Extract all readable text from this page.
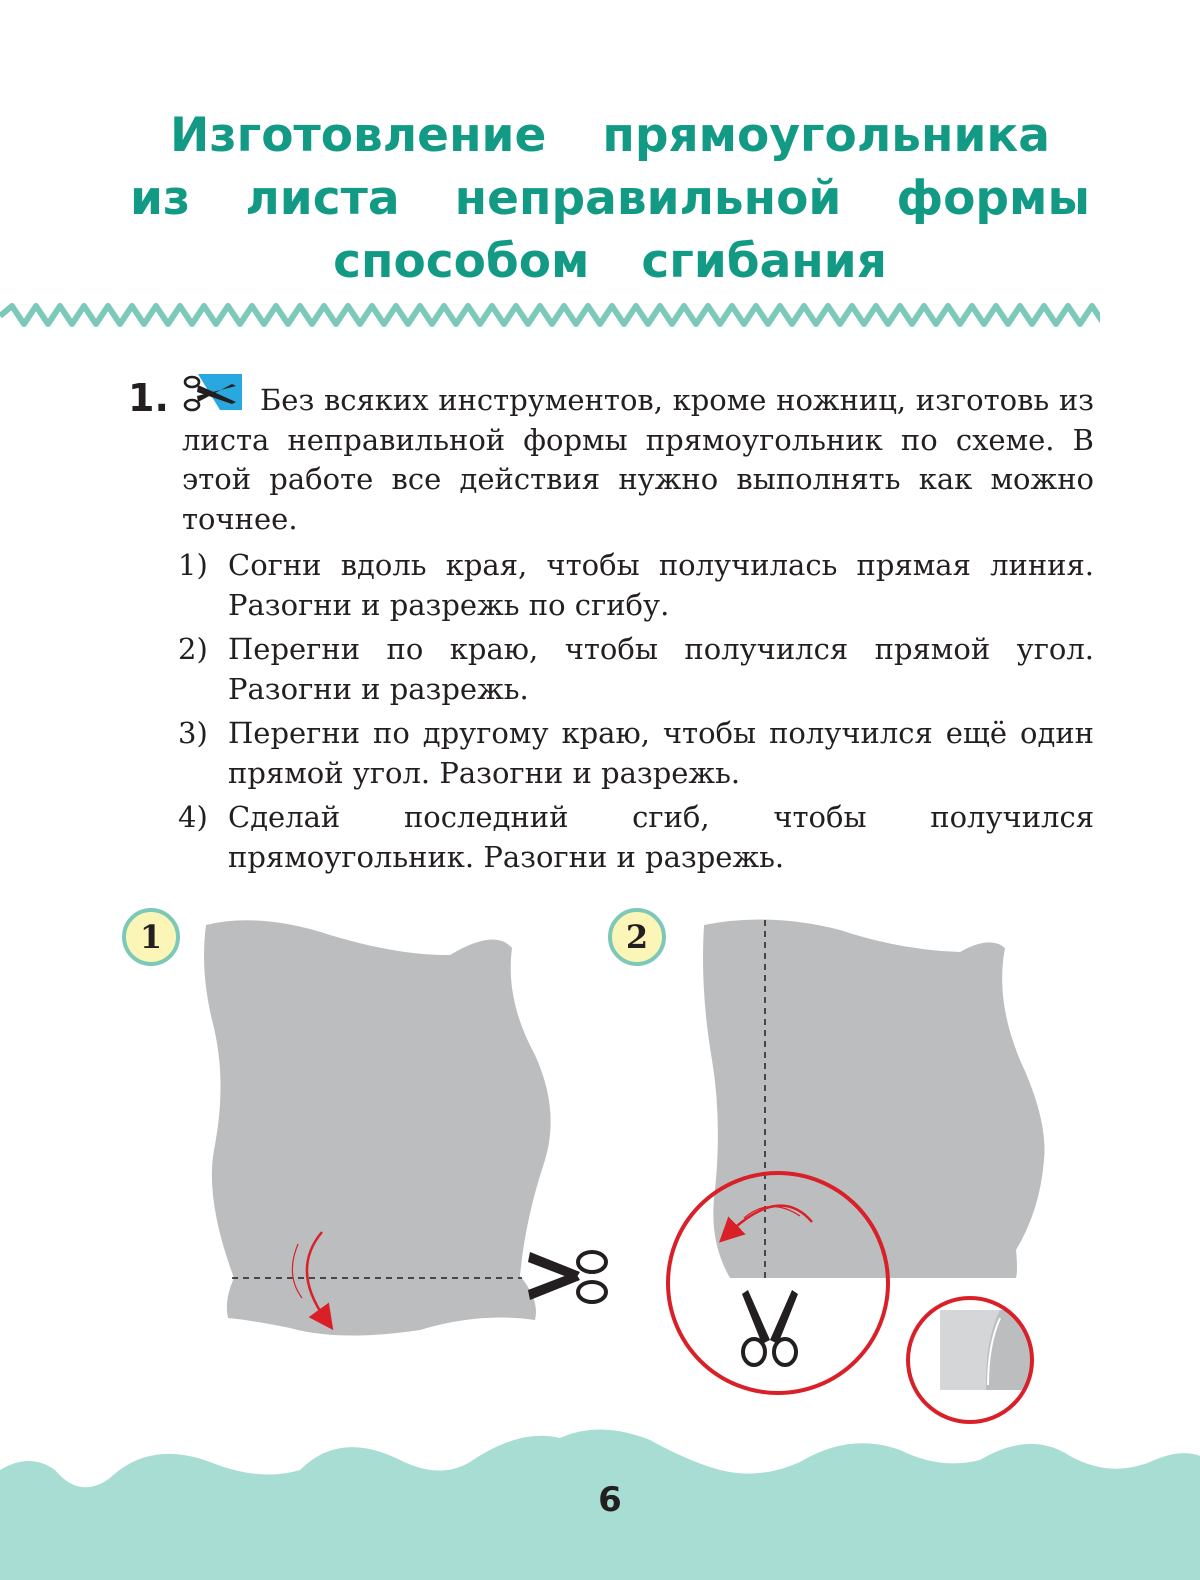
Изготовление прямоугольника
из листа неправильной формы
способом сгибания
1.	Без всяких инструментов, кроме ножниц, изготовь из листа неправильной формы прямоугольник по схеме. В этой работе все действия нужно выполнять как можно точнее.
1) Согни вдоль края, чтобы получилась прямая линия. Разогни и разрежь по сгибу.
2) Перегни по краю, чтобы получился прямой угол. Разогни и разрежь.
3) Перегни по другому краю, чтобы получился ещё один прямой угол. Разогни и разрежь.
4) Сделай последний сгиб, чтобы получился прямоугольник. Разогни и разрежь.
1	2
6
